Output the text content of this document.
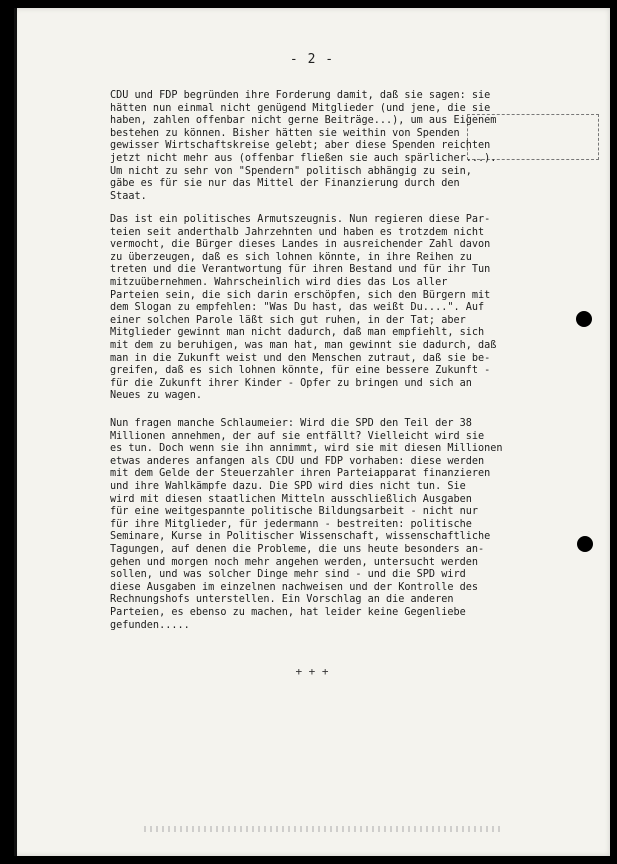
- 2 -
CDU und FDP begründen ihre Forderung damit, daß sie sagen: sie
hätten nun einmal nicht genügend Mitglieder (und jene, die sie
haben, zahlen offenbar nicht gerne Beiträge...), um aus Eigenem
bestehen zu können. Bisher hätten sie weithin von Spenden
gewisser Wirtschaftskreise gelebt; aber diese Spenden reichten
jetzt nicht mehr aus (offenbar fließen sie auch spärlicher...).
Um nicht zu sehr von "Spendern" politisch abhängig zu sein,
gäbe es für sie nur das Mittel der Finanzierung durch den
Staat.
Das ist ein politisches Armutszeugnis. Nun regieren diese Par-
teien seit anderthalb Jahrzehnten und haben es trotzdem nicht
vermocht, die Bürger dieses Landes in ausreichender Zahl davon
zu überzeugen, daß es sich lohnen könnte, in ihre Reihen zu
treten und die Verantwortung für ihren Bestand und für ihr Tun
mitzuübernehmen. Wahrscheinlich wird dies das Los aller
Parteien sein, die sich darin erschöpfen, sich den Bürgern mit
dem Slogan zu empfehlen: "Was Du hast, das weißt Du....". Auf
einer solchen Parole läßt sich gut ruhen, in der Tat; aber
Mitglieder gewinnt man nicht dadurch, daß man empfiehlt, sich
mit dem zu beruhigen, was man hat, man gewinnt sie dadurch, daß
man in die Zukunft weist und den Menschen zutraut, daß sie be-
greifen, daß es sich lohnen könnte, für eine bessere Zukunft -
für die Zukunft ihrer Kinder - Opfer zu bringen und sich an
Neues zu wagen.
Nun fragen manche Schlaumeier: Wird die SPD den Teil der 38
Millionen annehmen, der auf sie entfällt? Vielleicht wird sie
es tun. Doch wenn sie ihn annimmt, wird sie mit diesen Millionen
etwas anderes anfangen als CDU und FDP vorhaben: diese werden
mit dem Gelde der Steuerzahler ihren Parteiapparat finanzieren
und ihre Wahlkämpfe dazu. Die SPD wird dies nicht tun. Sie
wird mit diesen staatlichen Mitteln ausschließlich Ausgaben
für eine weitgespannte politische Bildungsarbeit - nicht nur
für ihre Mitglieder, für jedermann - bestreiten: politische
Seminare, Kurse in Politischer Wissenschaft, wissenschaftliche
Tagungen, auf denen die Probleme, die uns heute besonders an-
gehen und morgen noch mehr angehen werden, untersucht werden
sollen, und was solcher Dinge mehr sind - und die SPD wird
diese Ausgaben im einzelnen nachweisen und der Kontrolle des
Rechnungshofs unterstellen. Ein Vorschlag an die anderen
Parteien, es ebenso zu machen, hat leider keine Gegenliebe
gefunden.....
+ + +
